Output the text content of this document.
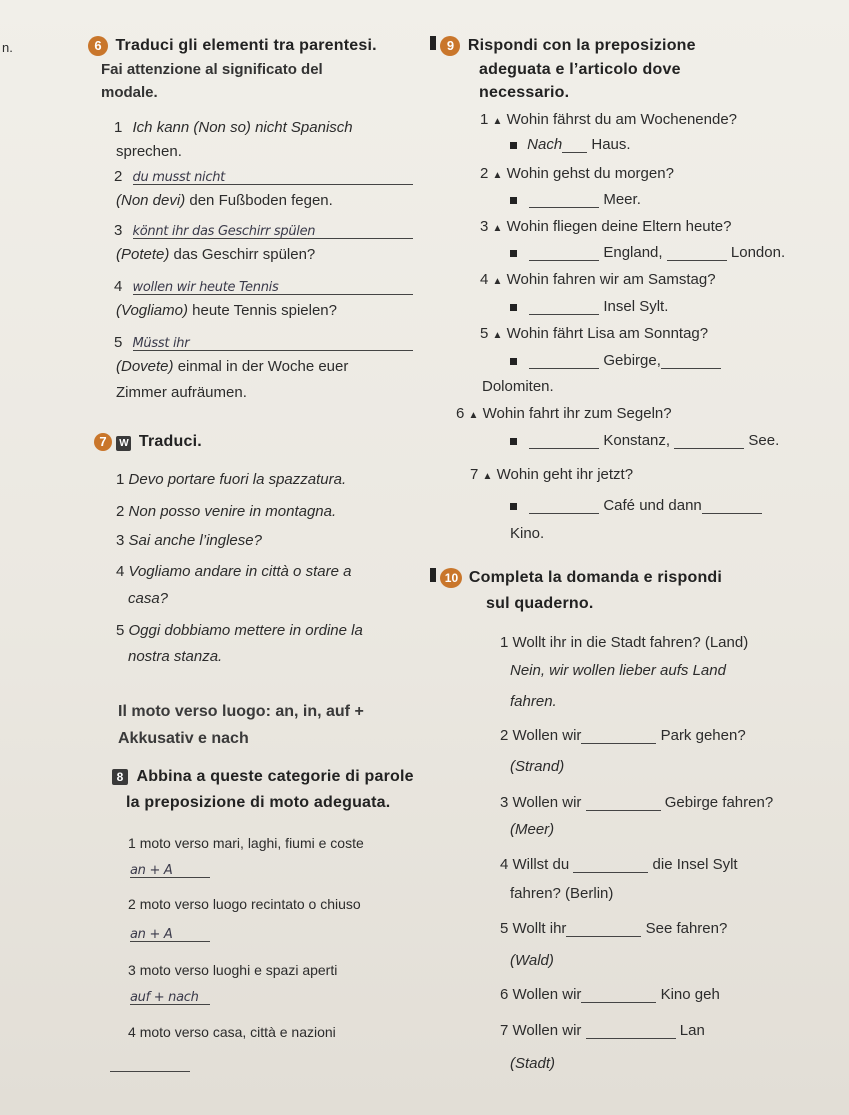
n.	6 Traduci gli elementi tra parentesi.
Fai attenzione al significato del
modale.
1 Ich kann (Non so) nicht Spanisch
sprechen.
2 du musst nicht
(Non devi) den Fußboden fegen.
3 könnt ihr das Geschirr spülen
(Potete) das Geschirr spülen?
4 wollen wir heute Tennis
(Vogliamo) heute Tennis spielen?
5 Müsst ihr
(Dovete) einmal in der Woche euer
Zimmer aufräumen.
7 W Traduci.
1 Devo portare fuori la spazzatura.
2 Non posso venire in montagna.
3 Sai anche l’inglese?
4 Vogliamo andare in città o stare a
casa?
5 Oggi dobbiamo mettere in ordine la
nostra stanza.
Il moto verso luogo: an, in, auf +
Akkusativ e nach
8 Abbina a queste categorie di parole
la preposizione di moto adeguata.
1 moto verso mari, laghi, fiumi e coste
an + A
2 moto verso luogo recintato o chiuso
an + A
3 moto verso luoghi e spazi aperti
auf + nach
4 moto verso casa, città e nazioni
9 Rispondi con la preposizione
adeguata e l’articolo dove
necessario.
1 ▲ Wohin fährst du am Wochenende?
Nach Haus.
2 ▲ Wohin gehst du morgen?
Meer.
3 ▲ Wohin fliegen deine Eltern heute?
England,	London.
4 ▲ Wohin fahren wir am Samstag?
Insel Sylt.
5 ▲ Wohin fährt Lisa am Sonntag?
Gebirge,
Dolomiten.
6 ▲ Wohin fahrt ihr zum Segeln?
Konstanz,	See.
7 ▲ Wohin geht ihr jetzt?
Café und dann
Kino.
10 Completa la domanda e rispondi
sul quaderno.
1 Wollt ihr in die Stadt fahren? (Land)
Nein, wir wollen lieber aufs Land
fahren.
2 Wollen wir	Park gehen?
(Strand)
3 Wollen wir	Gebirge fahren?
(Meer)
4 Willst du	die Insel Sylt
fahren? (Berlin)
5 Wollt ihr	See fahren?
(Wald)
6 Wollen wir	Kino geh
7 Wollen wir	Lan
(Stadt)
